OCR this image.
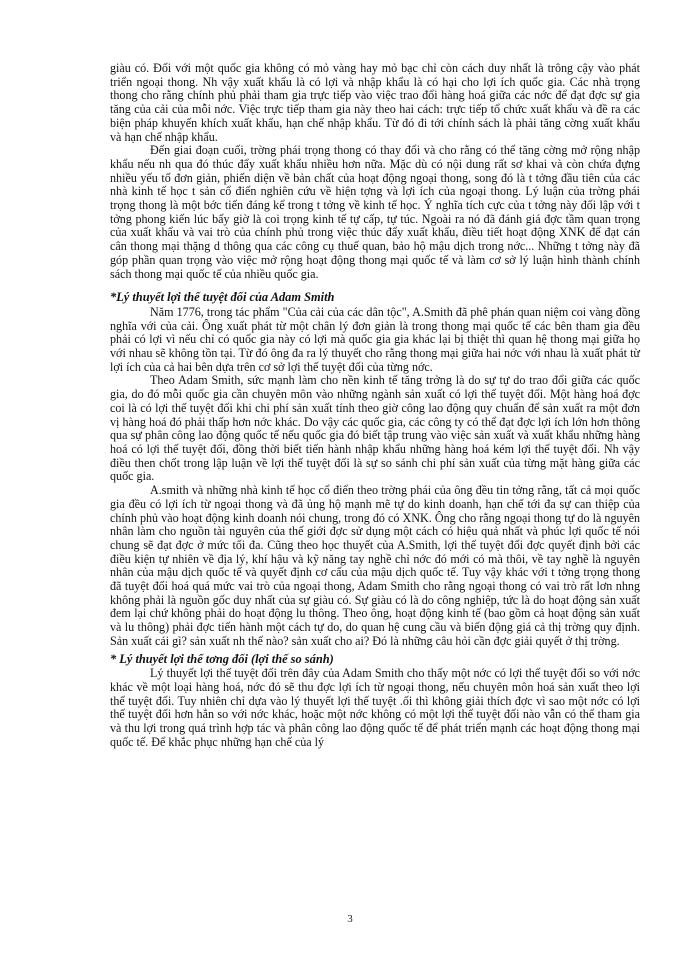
giàu có. Đối với một quốc gia không có mỏ vàng hay mỏ bạc chỉ còn cách duy nhất là trông cậy vào phát triển ngoại thong. Nh vậy xuất khẩu là có lợi và nhập khẩu là có hại cho lợi ích quốc gia. Các nhà trọng thong cho rằng chính phủ phải tham gia trực tiếp vào việc trao đổi hàng hoá giữa các nớc để đạt đợc sự gia tăng của cải của mỗi nớc. Việc trực tiếp tham gia này theo hai cách: trực tiếp tổ chức xuất khẩu và đề ra các biện pháp khuyến khích xuất khẩu, hạn chế nhập khẩu. Từ đó đi tới chính sách là phải tăng cờng xuất khẩu và hạn chế nhập khẩu.

Đến giai đoạn cuối, trờng phái trọng thong có thay đổi và cho rằng có thể tăng cờng mở rộng nhập khẩu nếu nh qua đó thúc đẩy xuất khẩu nhiều hơn nữa. Mặc dù có nội dung rất sơ khai và còn chứa đựng nhiều yếu tố đơn giản, phiến diện về bản chất của hoạt động ngoại thong, song đó là t tởng đầu tiên của các nhà kinh tế học t sản cổ điển nghiên cứu về hiện tợng và lợi ích của ngoại thong. Lý luận của trờng phái trọng thong là một bớc tiến đáng kể trong t tởng về kinh tế học. Ý nghĩa tích cực của t tởng này đối lập với t tởng phong kiến lúc bấy giờ là coi trọng kinh tế tự cấp, tự túc. Ngoài ra nó đã đánh giá đợc tầm quan trọng của xuất khẩu và vai trò của chính phủ trong việc thúc đẩy xuất khẩu, điều tiết hoạt động XNK để đạt cán cân thong mại thặng d thông qua các công cụ thuế quan, bảo hộ mậu dịch trong nớc... Những t tởng này đã góp phần quan trọng vào việc mở rộng hoạt động thong mại quốc tế và làm cơ sở lý luận hình thành chính sách thong mại quốc tế của nhiều quốc gia.

*Lý thuyết lợi thế tuyệt đối của Adam Smith

Năm 1776, trong tác phẩm "Của cải của các dân tộc", A.Smith đã phê phán quan niệm coi vàng đồng nghĩa với của cải. Ông xuất phát từ một chân lý đơn giản là trong thong mại quốc tế các bên tham gia đều phải có lợi vì nếu chỉ có quốc gia này có lợi mà quốc gia gia khác lại bị thiệt thì quan hệ thong mại giữa họ với nhau sẽ không tồn tại. Từ đó ông đa ra lý thuyết cho rằng thong mại giữa hai nớc với nhau là xuất phát từ lợi ích của cả hai bên dựa trên cơ sở lợi thế tuyệt đối của từng nớc.

Theo Adam Smith, sức mạnh làm cho nền kinh tế tăng trởng là do sự tự do trao đổi giữa các quốc gia, do đó mỗi quốc gia cần chuyên môn vào những ngành sản xuất có lợi thế tuyệt đối. Một hàng hoá đợc coi là có lợi thế tuyệt đối khi chi phí sản xuất tính theo giờ công lao động quy chuẩn để sản xuất ra một đơn vị hàng hoá đó phải thấp hơn nớc khác. Do vậy các quốc gia, các công ty có thể đạt đợc lợi ích lớn hơn thông qua sự phân công lao động quốc tế nếu quốc gia đó biết tập trung vào việc sản xuất và xuất khẩu những hàng hoá có lợi thế tuyệt đối, đồng thời biết tiến hành nhập khẩu những hàng hoá kém lợi thế tuyệt đối. Nh vậy điều then chốt trong lập luận về lợi thế tuyệt đối là sự so sánh chi phí sản xuất của từng mặt hàng giữa các quốc gia.

A.smith và những nhà kinh tế học cổ điển theo trờng phái của ông đều tin tởng rằng, tất cả mọi quốc gia đều có lợi ích từ ngoại thong và đã ủng hộ mạnh mẽ tự do kinh doanh, hạn chế tới đa sự can thiệp của chính phủ vào hoạt động kinh doanh nói chung, trong đó có XNK. Ông cho rằng ngoại thong tự do là nguyên nhân làm cho nguồn tài nguyên của thế giới đợc sử dụng một cách có hiệu quả nhất và phúc lợi quốc tế nói chung sẽ đạt đợc ở mức tối đa. Cũng theo học thuyết của A.Smith, lợi thế tuyệt đối đợc quyết định bởi các điều kiện tự nhiên về địa lý, khí hậu và kỹ năng tay nghề chỉ nớc đó mới có mà thôi, về tay nghề là nguyên nhân của mậu dịch quốc tế và quyết định cơ cấu của mậu dịch quốc tế. Tuy vậy khác với t tởng trọng thong đã tuyệt đối hoá quá mức vai trò của ngoại thong, Adam Smith cho rằng ngoại thong có vai trò rất lơn nhng không phải là nguồn gốc duy nhất của sự giàu có. Sự giàu có là do công nghiệp, tức là do hoạt động sản xuất đem lại chứ không phải do hoạt động lu thông. Theo ông, hoạt động kinh tế (bao gồm cả hoạt động sản xuất và lu thông) phải đợc tiến hành một cách tự do, do quan hệ cung cầu và biến động giá cả thị trờng quy định. Sản xuất cái gì? sản xuất nh thế nào? sản xuất cho ai? Đó là những câu hỏi cần đợc giải quyết ở thị trờng.

* Lý thuyết lợi thế tơng đối (lợi thế so sánh)

Lý thuyết lợi thế tuyệt đối trên đây của Adam Smith cho thấy một nớc có lợi thế tuyệt đối so với nớc khác về một loại hàng hoá, nớc đó sẽ thu đợc lợi ích từ ngoại thong, nếu chuyên môn hoá sản xuất theo lợi thế tuyệt đối. Tuy nhiên chỉ dựa vào lý thuyết lợi thế tuyệt .ối thì không giải thích đợc vì sao một nớc có lợi thế tuyệt đối hơn hẳn so với nớc khác, hoặc một nớc không có một lợi thế tuyệt đối nào vẫn có thể tham gia và thu lợi trong quá trình hợp tác và phân công lao động quốc tế để phát triển mạnh các hoạt động thong mại quốc tế. Để khắc phục những hạn chế của lý

3
